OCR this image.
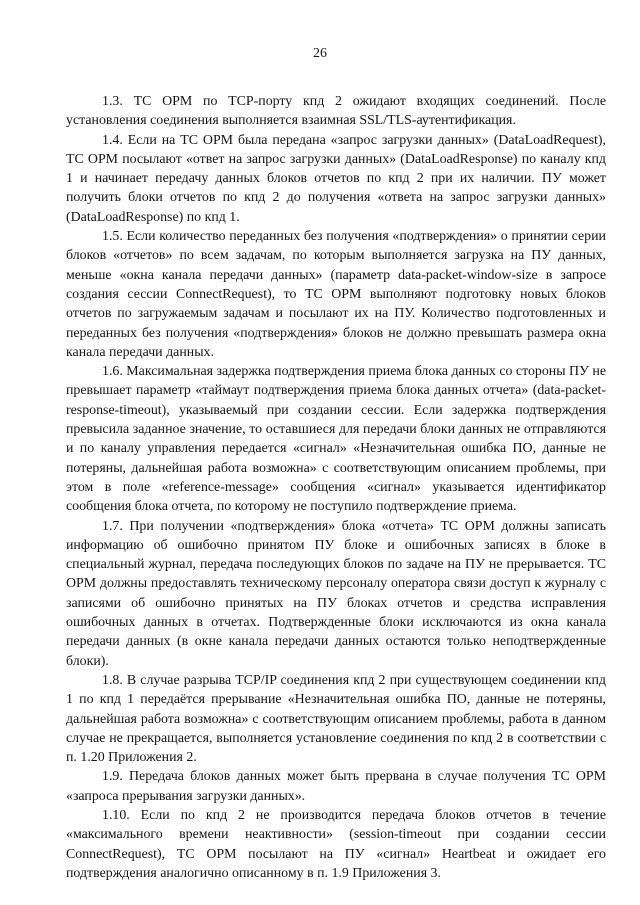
26

1.3. ТС ОРМ по ТСР-порту кпд 2 ожидают входящих соединений. После установления соединения выполняется взаимная SSL/TLS-аутентификация.

1.4. Если на ТС ОРМ была передана «запрос загрузки данных» (DataLoadRequest), ТС ОРМ посылают «ответ на запрос загрузки данных» (DataLoadResponse) по каналу кпд 1 и начинает передачу данных блоков отчетов по кпд 2 при их наличии. ПУ может получить блоки отчетов по кпд 2 до получения «ответа на запрос загрузки данных» (DataLoadResponse) по кпд 1.

1.5. Если количество переданных без получения «подтверждения» о принятии серии блоков «отчетов» по всем задачам, по которым выполняется загрузка на ПУ данных, меньше «окна канала передачи данных» (параметр data-packet-window-size в запросе создания сессии ConnectRequest), то ТС ОРМ выполняют подготовку новых блоков отчетов по загружаемым задачам и посылают их на ПУ. Количество подготовленных и переданных без получения «подтверждения» блоков не должно превышать размера окна канала передачи данных.

1.6. Максимальная задержка подтверждения приема блока данных со стороны ПУ не превышает параметр «таймаут подтверждения приема блока данных отчета» (data-packet-response-timeout), указываемый при создании сессии. Если задержка подтверждения превысила заданное значение, то оставшиеся для передачи блоки данных не отправляются и по каналу управления передается «сигнал» «Незначительная ошибка ПО, данные не потеряны, дальнейшая работа возможна» с соответствующим описанием проблемы, при этом в поле «reference-message» сообщения «сигнал» указывается идентификатор сообщения блока отчета, по которому не поступило подтверждение приема.

1.7. При получении «подтверждения» блока «отчета» ТС ОРМ должны записать информацию об ошибочно принятом ПУ блоке и ошибочных записях в блоке в специальный журнал, передача последующих блоков по задаче на ПУ не прерывается. ТС ОРМ должны предоставлять техническому персоналу оператора связи доступ к журналу с записями об ошибочно принятых на ПУ блоках отчетов и средства исправления ошибочных данных в отчетах. Подтвержденные блоки исключаются из окна канала передачи данных (в окне канала передачи данных остаются только неподтвержденные блоки).

1.8. В случае разрыва TCP/IP соединения кпд 2 при существующем соединении кпд 1 по кпд 1 передаётся прерывание «Незначительная ошибка ПО, данные не потеряны, дальнейшая работа возможна» с соответствующим описанием проблемы, работа в данном случае не прекращается, выполняется установление соединения по кпд 2 в соответствии с п. 1.20 Приложения 2.

1.9. Передача блоков данных может быть прервана в случае получения ТС ОРМ «запроса прерывания загрузки данных».

1.10. Если по кпд 2 не производится передача блоков отчетов в течение «максимального времени неактивности» (session-timeout при создании сессии ConnectRequest), ТС ОРМ посылают на ПУ «сигнал» Heartbeat и ожидает его подтверждения аналогично описанному в п. 1.9 Приложения 3.
